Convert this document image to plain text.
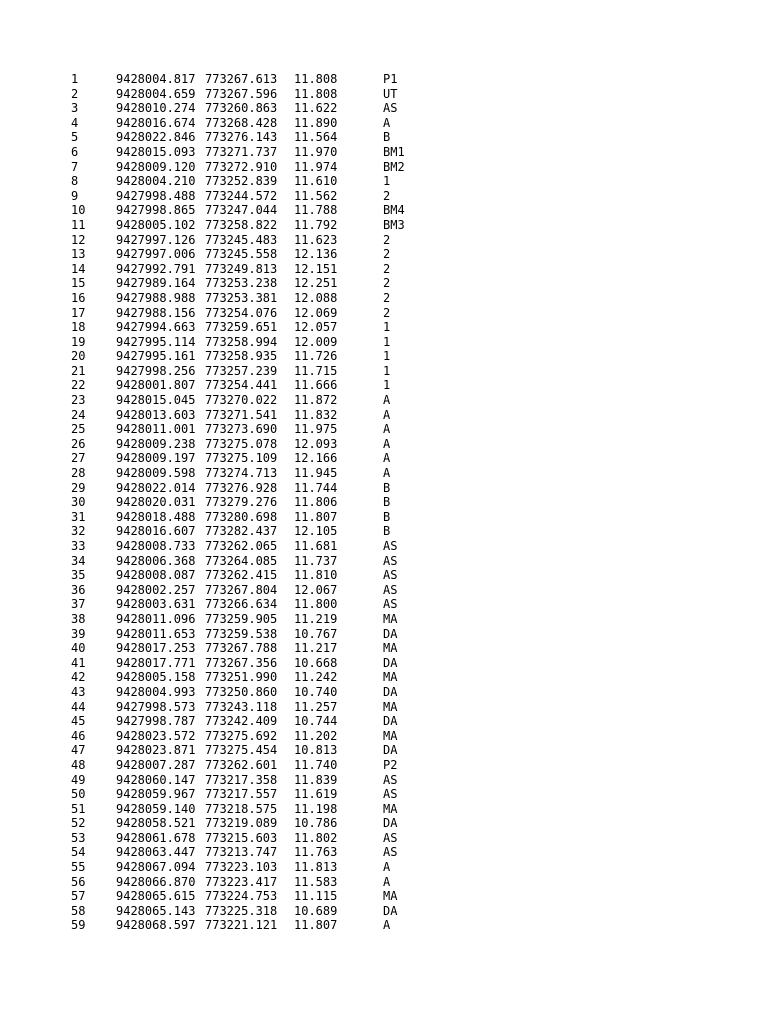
1	9428004.817 773267.613 11.808	P1
2	9428004.659 773267.596 11.808	UT
3	9428010.274 773260.863 11.622	AS
4	9428016.674 773268.428 11.890	A
5	9428022.846 773276.143 11.564	B
6	9428015.093 773271.737 11.970	BM1
7	9428009.120 773272.910 11.974	BM2
8	9428004.210 773252.839 11.610	1
9	9427998.488 773244.572 11.562	2
10	9427998.865 773247.044 11.788	BM4
11	9428005.102 773258.822 11.792	BM3
12	9427997.126 773245.483 11.623	2
13	9427997.006 773245.558 12.136	2
14	9427992.791 773249.813 12.151	2
15	9427989.164 773253.238 12.251	2
16	9427988.988 773253.381 12.088	2
17	9427988.156 773254.076 12.069	2
18	9427994.663 773259.651 12.057	1
19	9427995.114 773258.994 12.009	1
20	9427995.161 773258.935 11.726	1
21	9427998.256 773257.239 11.715	1
22	9428001.807 773254.441 11.666	1
23	9428015.045 773270.022 11.872	A
24	9428013.603 773271.541 11.832	A
25	9428011.001 773273.690 11.975	A
26	9428009.238 773275.078 12.093	A
27	9428009.197 773275.109 12.166	A
28	9428009.598 773274.713 11.945	A
29	9428022.014 773276.928 11.744	B
30	9428020.031 773279.276 11.806	B
31	9428018.488 773280.698 11.807	B
32	9428016.607 773282.437 12.105	B
33	9428008.733 773262.065 11.681	AS
34	9428006.368 773264.085 11.737	AS
35	9428008.087 773262.415 11.810	AS
36	9428002.257 773267.804 12.067	AS
37	9428003.631 773266.634 11.800	AS
38	9428011.096 773259.905 11.219	MA
39	9428011.653 773259.538 10.767	DA
40	9428017.253 773267.788 11.217	MA
41	9428017.771 773267.356 10.668	DA
42	9428005.158 773251.990 11.242	MA
43	9428004.993 773250.860 10.740	DA
44	9427998.573 773243.118 11.257	MA
45	9427998.787 773242.409 10.744	DA
46	9428023.572 773275.692 11.202	MA
47	9428023.871 773275.454 10.813	DA
48	9428007.287 773262.601 11.740	P2
49	9428060.147 773217.358 11.839	AS
50	9428059.967 773217.557 11.619	AS
51	9428059.140 773218.575 11.198	MA
52	9428058.521 773219.089 10.786	DA
53	9428061.678 773215.603 11.802	AS
54	9428063.447 773213.747 11.763	AS
55	9428067.094 773223.103 11.813	A
56	9428066.870 773223.417 11.583	A
57	9428065.615 773224.753 11.115	MA
58	9428065.143 773225.318 10.689	DA
59	9428068.597 773221.121 11.807	A
